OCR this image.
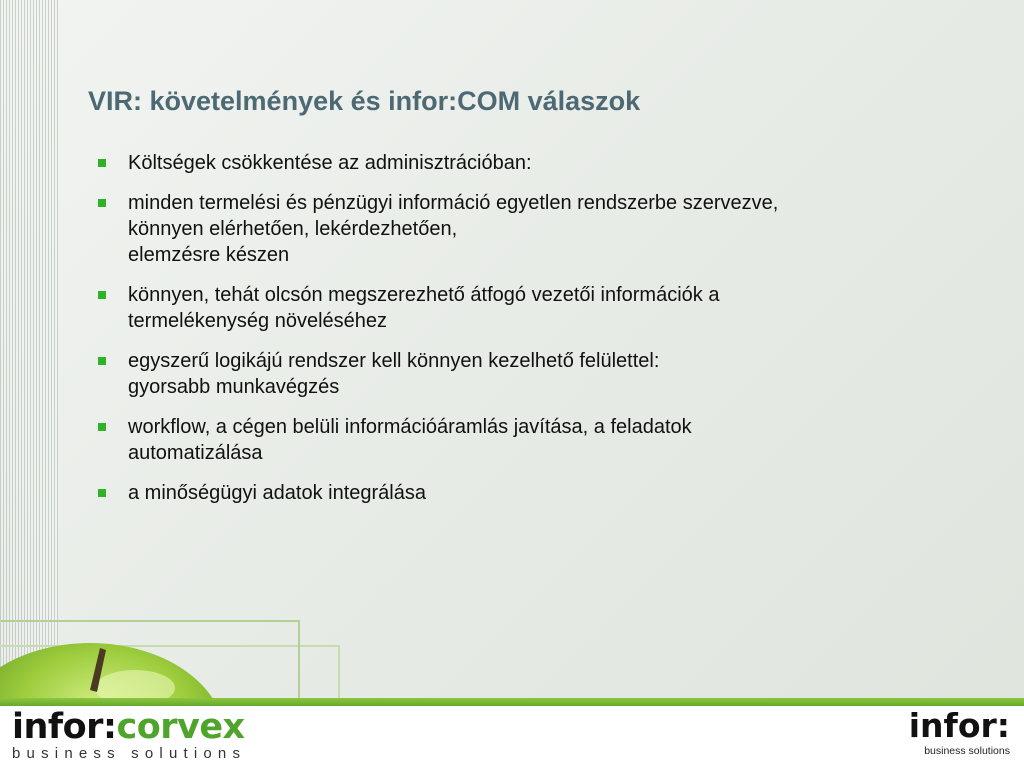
VIR: követelmények és infor:COM válaszok
Költségek csökkentése az adminisztrációban:
minden termelési és pénzügyi információ egyetlen rendszerbe szervezve,
könnyen elérhetően, lekérdezhetően,
elemzésre készen
könnyen, tehát olcsón megszerezhető átfogó vezetői információk a
termelékenység növeléséhez
egyszerű logikájú rendszer kell könnyen kezelhető felülettel:
gyorsabb munkavégzés
workflow, a cégen belüli információáramlás javítása, a feladatok
automatizálása
a minőségügyi adatok integrálása
infor:corvex
business solutions
infor:
business solutions
